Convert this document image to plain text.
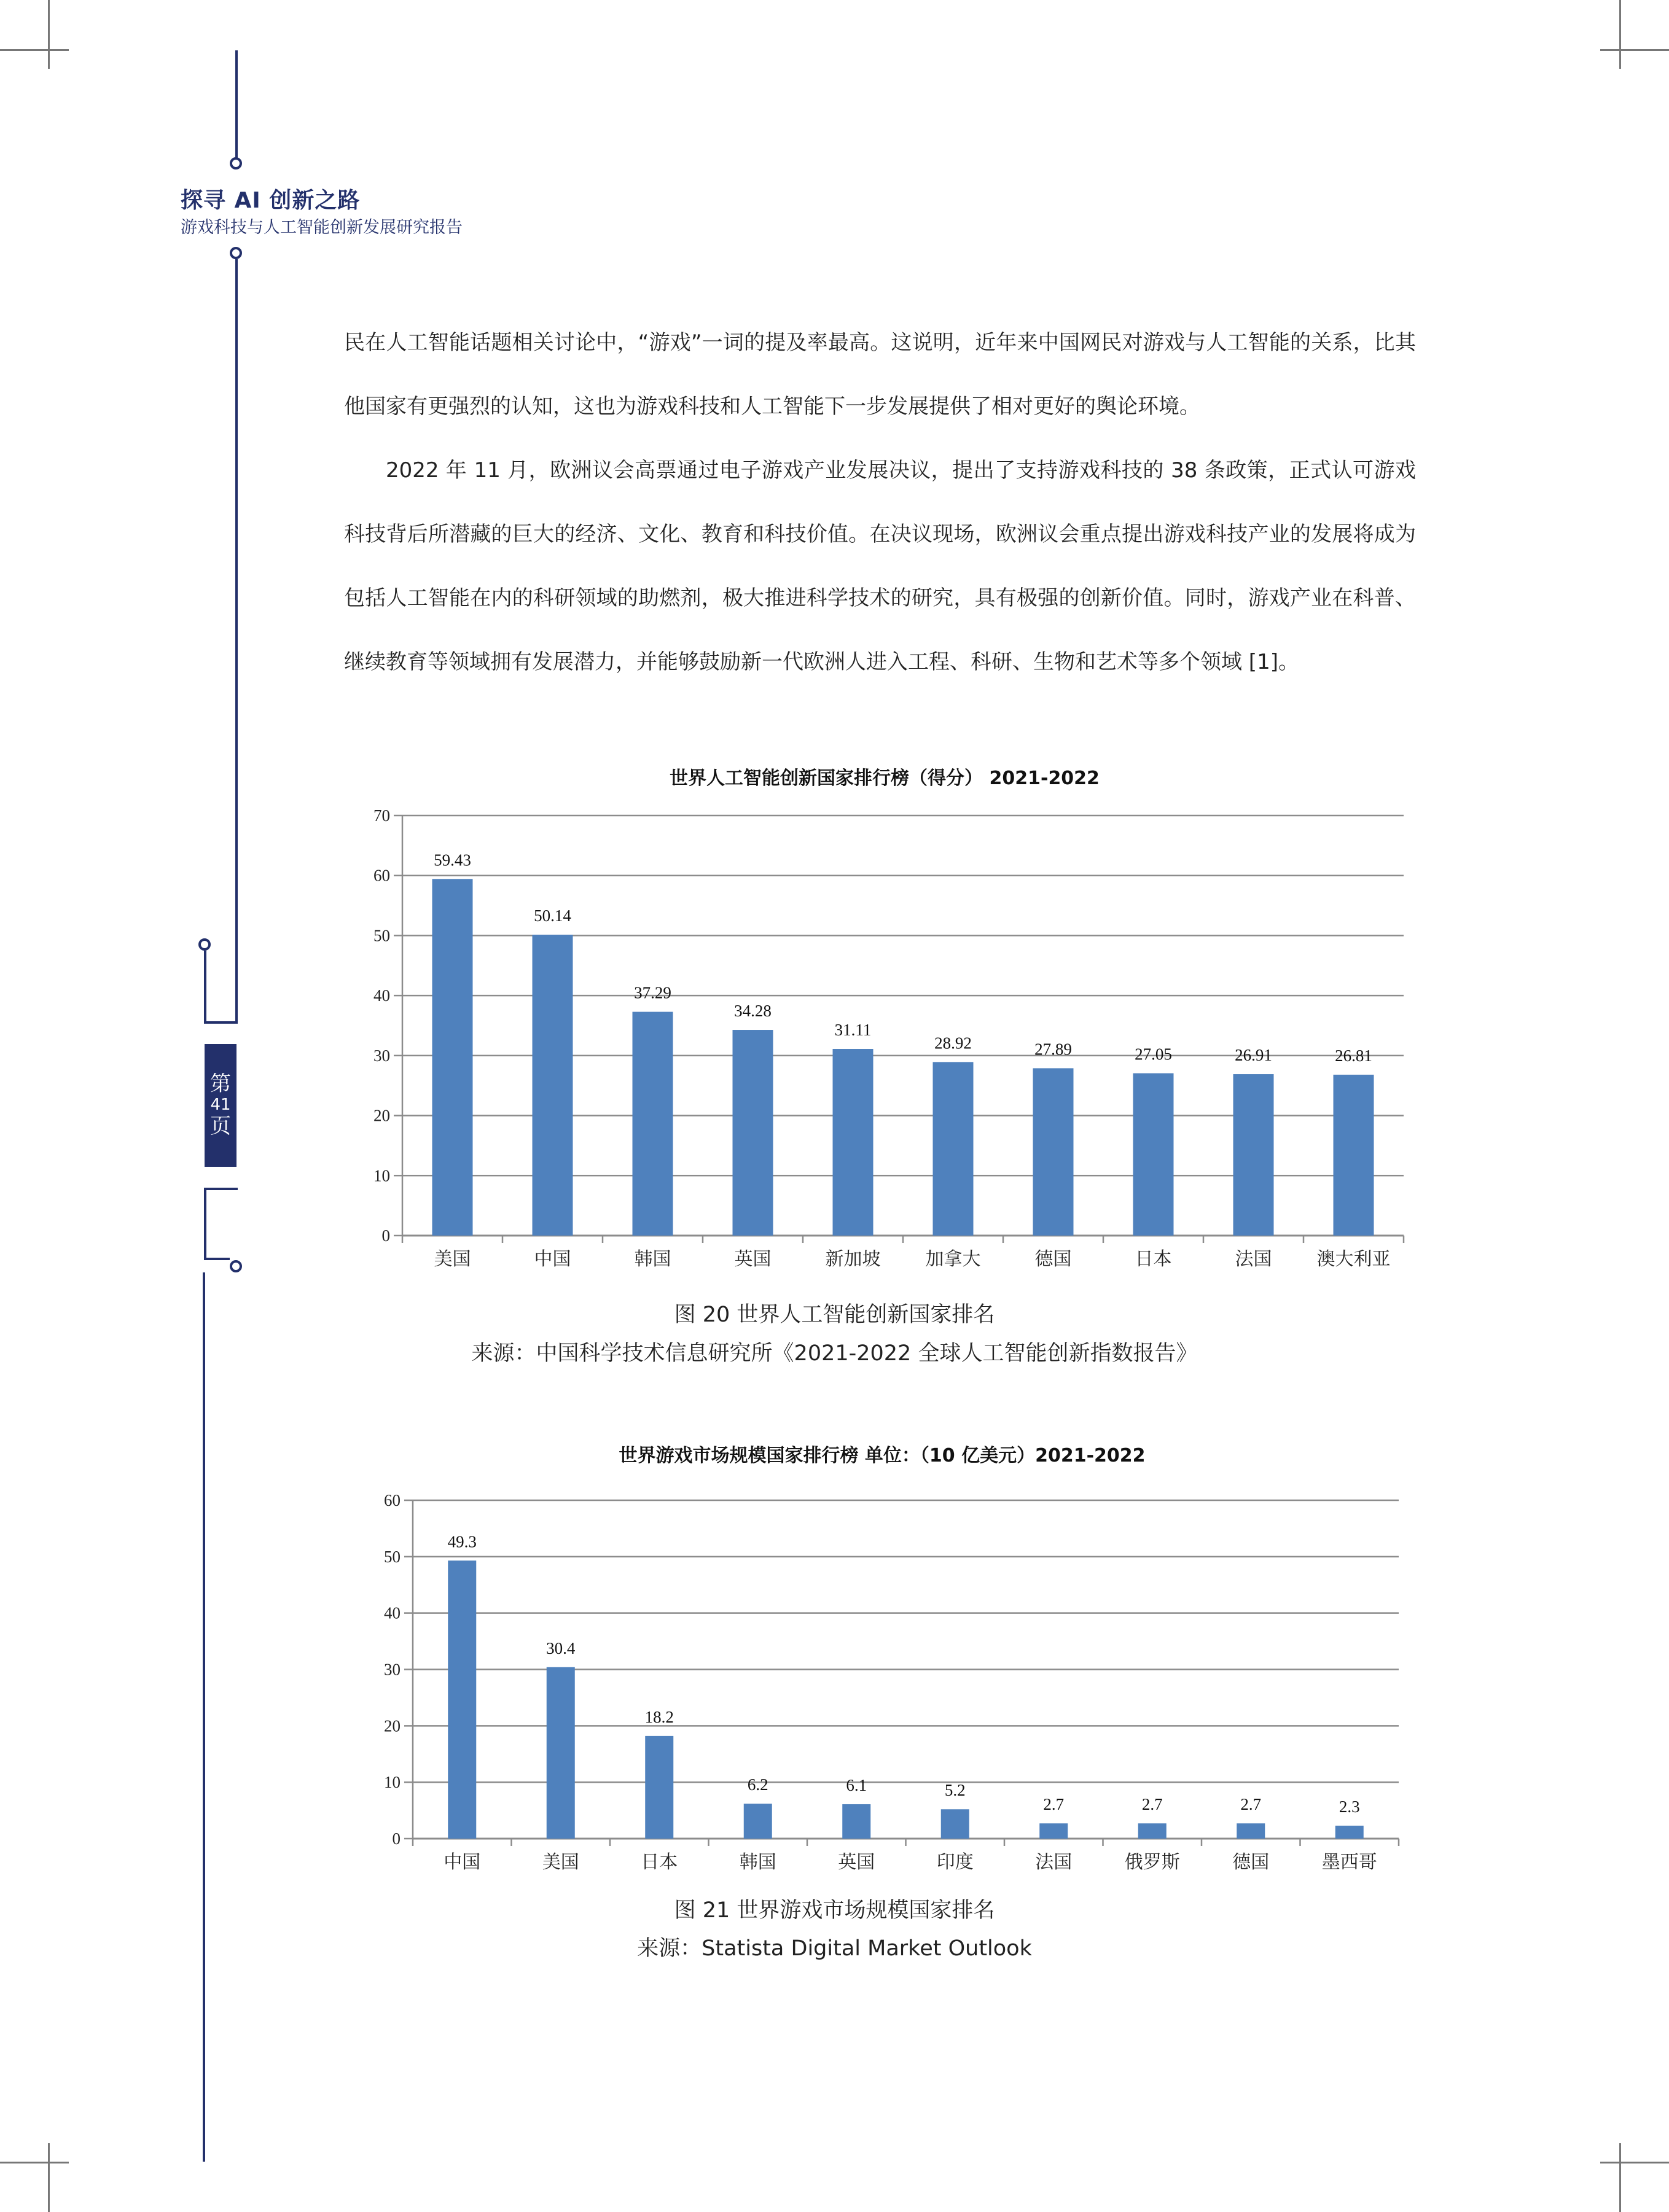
第
41
页
探寻 AI 创新之路
游戏科技与人工智能创新发展研究报告

民在人工智能话题相关讨论中，“游戏”一词的提及率最高。这说明，近年来中国网民对游戏与人工智能的关系，比其他国家有更强烈的认知，这也为游戏科技和人工智能下一步发展提供了相对更好的舆论环境。

2022 年 11 月，欧洲议会高票通过电子游戏产业发展决议，提出了支持游戏科技的 38 条政策，正式认可游戏科技背后所潜藏的巨大的经济、文化、教育和科技价值。在决议现场，欧洲议会重点提出游戏科技产业的发展将成为包括人工智能在内的科研领域的助燃剂，极大推进科学技术的研究，具有极强的创新价值。同时，游戏产业在科普、继续教育等领域拥有发展潜力，并能够鼓励新一代欧洲人进入工程、科研、生物和艺术等多个领域 [1]。

世界人工智能创新国家排行榜（得分） 2021-2022
0
10
20
30
40
50
60
70
59.43
美国
50.14
中国
37.29
韩国
34.28
英国
31.11
新加坡
28.92
加拿大
27.89
德国
27.05
日本
26.91
法国
26.81
澳大利亚
图 20 世界人工智能创新国家排名
来源：中国科学技术信息研究所《2021-2022 全球人工智能创新指数报告》
世界游戏市场规模国家排行榜 单位：（10 亿美元）2021-2022
0
10
20
30
40
50
60
49.3
中国
30.4
美国
18.2
日本
6.2
韩国
6.1
英国
5.2
印度
2.7
法国
2.7
俄罗斯
2.7
德国
2.3
墨西哥
图 21 世界游戏市场规模国家排名
来源：Statista Digital Market Outlook
